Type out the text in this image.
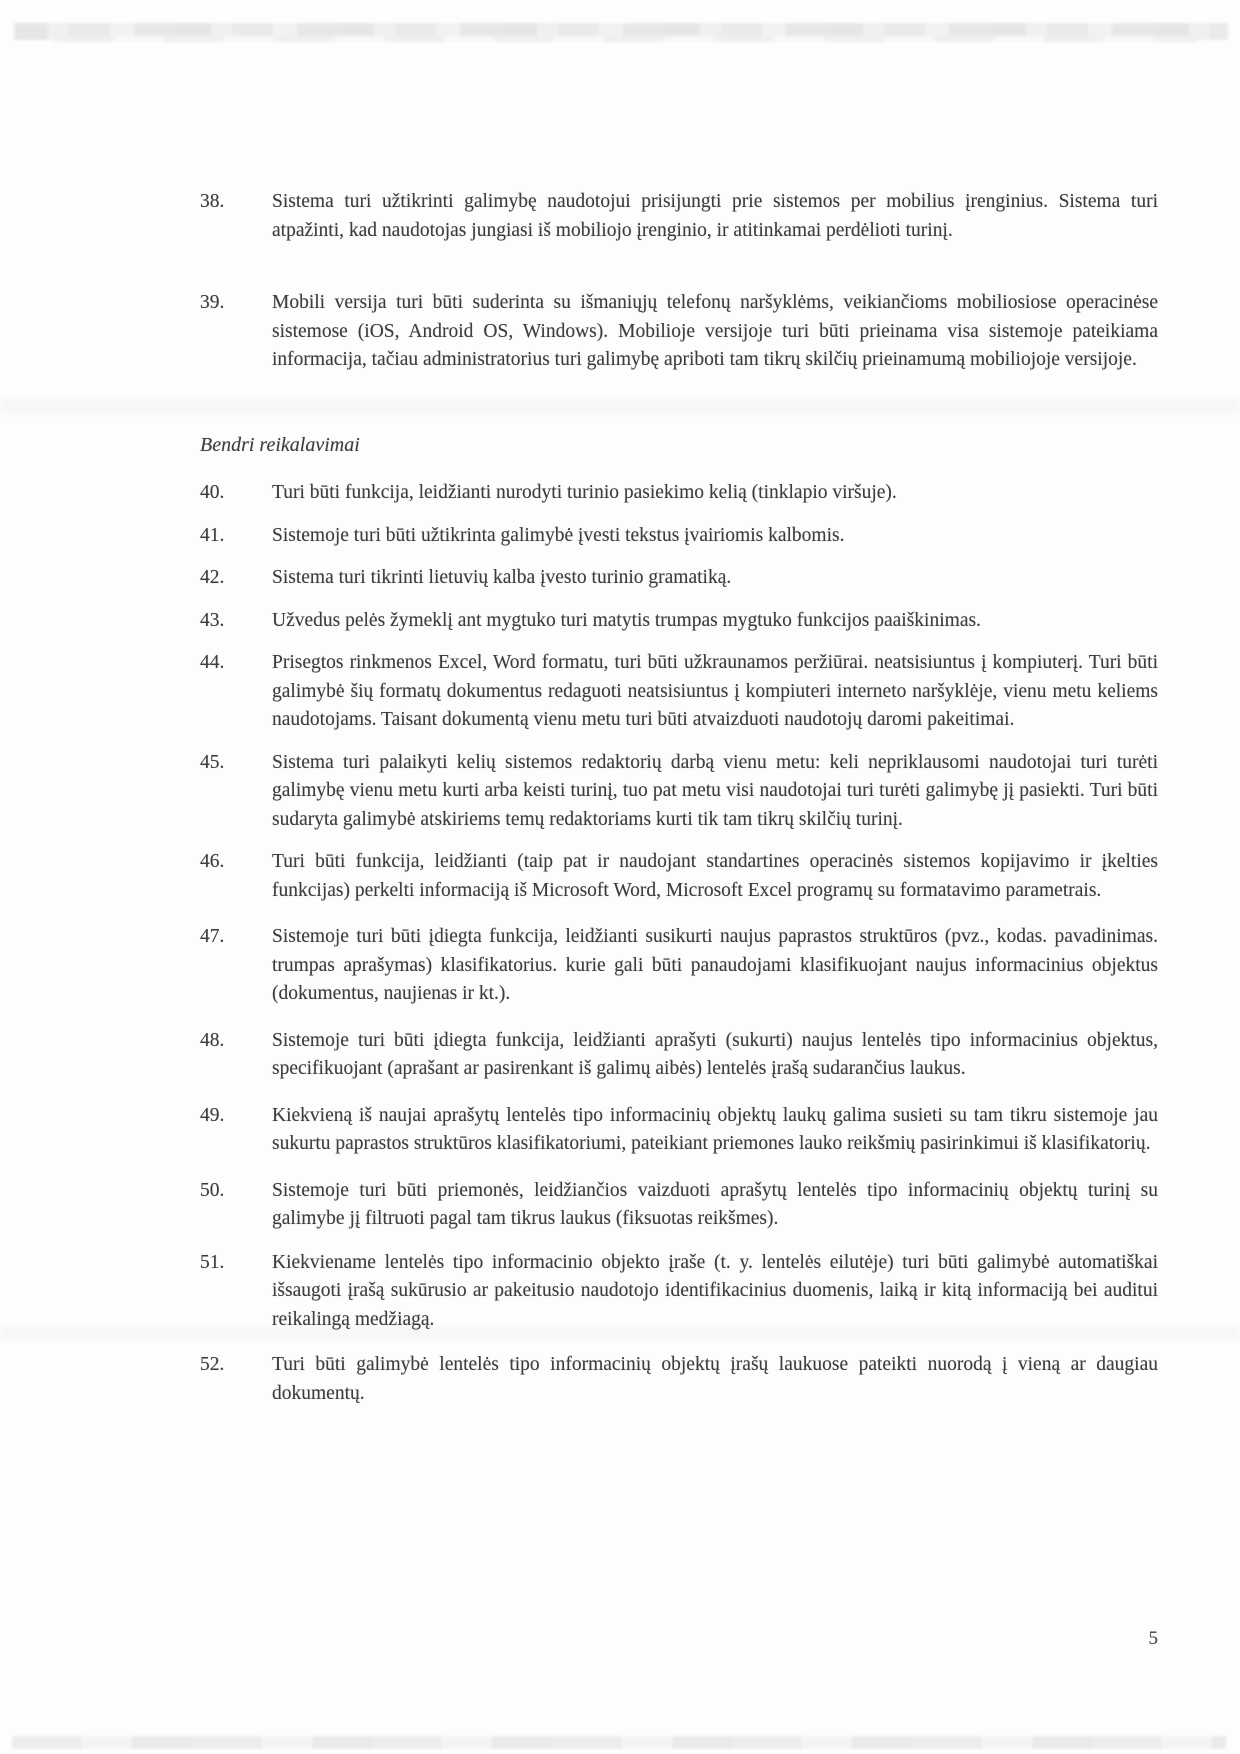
38.	Sistema turi užtikrinti galimybę naudotojui prisijungti prie sistemos per mobilius įrenginius. Sistema turi atpažinti, kad naudotojas jungiasi iš mobiliojo įrenginio, ir atitinkamai perdėlioti turinį.
39.	Mobili versija turi būti suderinta su išmaniųjų telefonų naršyklėms, veikiančioms mobiliosiose operacinėse sistemose (iOS, Android OS, Windows). Mobilioje versijoje turi būti prieinama visa sistemoje pateikiama informacija, tačiau administratorius turi galimybę apriboti tam tikrų skilčių prieinamumą mobiliojoje versijoje.
Bendri reikalavimai
40.	Turi būti funkcija, leidžianti nurodyti turinio pasiekimo kelią (tinklapio viršuje).
41.	Sistemoje turi būti užtikrinta galimybė įvesti tekstus įvairiomis kalbomis.
42.	Sistema turi tikrinti lietuvių kalba įvesto turinio gramatiką.
43.	Užvedus pelės žymeklį ant mygtuko turi matytis trumpas mygtuko funkcijos paaiškinimas.
44.	Prisegtos rinkmenos Excel, Word formatu, turi būti užkraunamos peržiūrai. neatsisiuntus į kompiuterį. Turi būti galimybė šių formatų dokumentus redaguoti neatsisiuntus į kompiuteri interneto naršyklėje, vienu metu keliems naudotojams. Taisant dokumentą vienu metu turi būti atvaizduoti naudotojų daromi pakeitimai.
45.	Sistema turi palaikyti kelių sistemos redaktorių darbą vienu metu: keli nepriklausomi naudotojai turi turėti galimybę vienu metu kurti arba keisti turinį, tuo pat metu visi naudotojai turi turėti galimybę jį pasiekti. Turi būti sudaryta galimybė atskiriems temų redaktoriams kurti tik tam tikrų skilčių turinį.
46.	Turi būti funkcija, leidžianti (taip pat ir naudojant standartines operacinės sistemos kopijavimo ir įkelties funkcijas) perkelti informaciją iš Microsoft Word, Microsoft Excel programų su formatavimo parametrais.
47.	Sistemoje turi būti įdiegta funkcija, leidžianti susikurti naujus paprastos struktūros (pvz., kodas. pavadinimas. trumpas aprašymas) klasifikatorius. kurie gali būti panaudojami klasifikuojant naujus informacinius objektus (dokumentus, naujienas ir kt.).
48.	Sistemoje turi būti įdiegta funkcija, leidžianti aprašyti (sukurti) naujus lentelės tipo informacinius objektus, specifikuojant (aprašant ar pasirenkant iš galimų aibės) lentelės įrašą sudarančius laukus.
49.	Kiekvieną iš naujai aprašytų lentelės tipo informacinių objektų laukų galima susieti su tam tikru sistemoje jau sukurtu paprastos struktūros klasifikatoriumi, pateikiant priemones lauko reikšmių pasirinkimui iš klasifikatorių.
50.	Sistemoje turi būti priemonės, leidžiančios vaizduoti aprašytų lentelės tipo informacinių objektų turinį su galimybe jį filtruoti pagal tam tikrus laukus (fiksuotas reikšmes).
51.	Kiekviename lentelės tipo informacinio objekto įraše (t. y. lentelės eilutėje) turi būti galimybė automatiškai išsaugoti įrašą sukūrusio ar pakeitusio naudotojo identifikacinius duomenis, laiką ir kitą informaciją bei auditui reikalingą medžiagą.
52.	Turi būti galimybė lentelės tipo informacinių objektų įrašų laukuose pateikti nuorodą į vieną ar daugiau dokumentų.
5
